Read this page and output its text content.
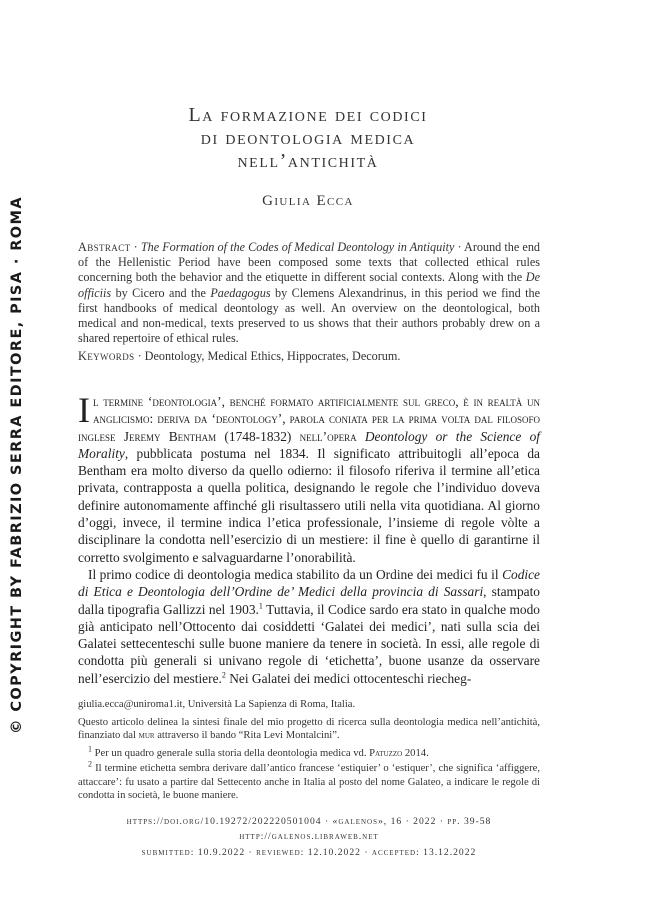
© COPYRIGHT BY FABRIZIO SERRA EDITORE, PISA · ROMA
La formazione dei codici
di deontologia medica
nell’antichità
Giulia Ecca
Abstract · The Formation of the Codes of Medical Deontology in Antiquity · Around the end of the Hellenistic Period have been composed some texts that collected ethical rules concerning both the behavior and the etiquette in different social contexts. Along with the De officiis by Cicero and the Paedagogus by Clemens Alexandrinus, in this period we find the first handbooks of medical deontology as well. An overview on the deontological, both medical and non-medical, texts preserved to us shows that their authors probably drew on a shared repertoire of ethical rules.
Keywords · Deontology, Medical Ethics, Hippocrates, Decorum.

Il termine ‘deontologia’, benché formato artificialmente sul greco, è in realtà un anglicismo: deriva da ‘deontology’, parola coniata per la prima volta dal filosofo inglese Jeremy Bentham (1748-1832) nell’opera Deontology or the Science of Morality, pubblicata postuma nel 1834. Il significato attribuitogli all’epoca da Bentham era molto diverso da quello odierno: il filosofo riferiva il termine all’etica privata, contrapposta a quella politica, designando le regole che l’individuo doveva definire autonomamente affinché gli risultassero utili nella vita quotidiana. Al giorno d’oggi, invece, il termine indica l’etica professionale, l’insieme di regole vòlte a disciplinare la condotta nell’esercizio di un mestiere: il fine è quello di garantirne il corretto svolgimento e salvaguardarne l’onorabilità.

Il primo codice di deontologia medica stabilito da un Ordine dei medici fu il Codice di Etica e Deontologia dell’Ordine de’ Medici della provincia di Sassari, stampato dalla tipografia Gallizzi nel 1903.$^1$ Tuttavia, il Codice sardo era stato in qualche modo già anticipato nell’Ottocento dai cosiddetti ‘Galatei dei medici’, nati sulla scia dei Galatei settecenteschi sulle buone maniere da tenere in società. In essi, alle regole di condotta più generali si univano regole di ‘etichetta’, buone usanze da osservare nell’esercizio del mestiere.$^2$ Nei Galatei dei medici ottocenteschi riecheg-

giulia.ecca@uniroma1.it, Università La Sapienza di Roma, Italia.

Questo articolo delinea la sintesi finale del mio progetto di ricerca sulla deontologia medica nell’antichità, finanziato dal mur attraverso il bando “Rita Levi Montalcini”.

$^1$ Per un quadro generale sulla storia della deontologia medica vd. Patuzzo 2014.

$^2$ Il termine etichetta sembra derivare dall’antico francese ‘estiquier’ o ‘estiquer’, che significa ‘affiggere, attaccare’: fu usato a partire dal Settecento anche in Italia al posto del nome Galateo, a indicare le regole di condotta in società, le buone maniere.

https://doi.org/10.19272/202220501004 · «galenos», 16 · 2022 · pp. 39-58
http://galenos.libraweb.net
submitted: 10.9.2022 · reviewed: 12.10.2022 · accepted: 13.12.2022
